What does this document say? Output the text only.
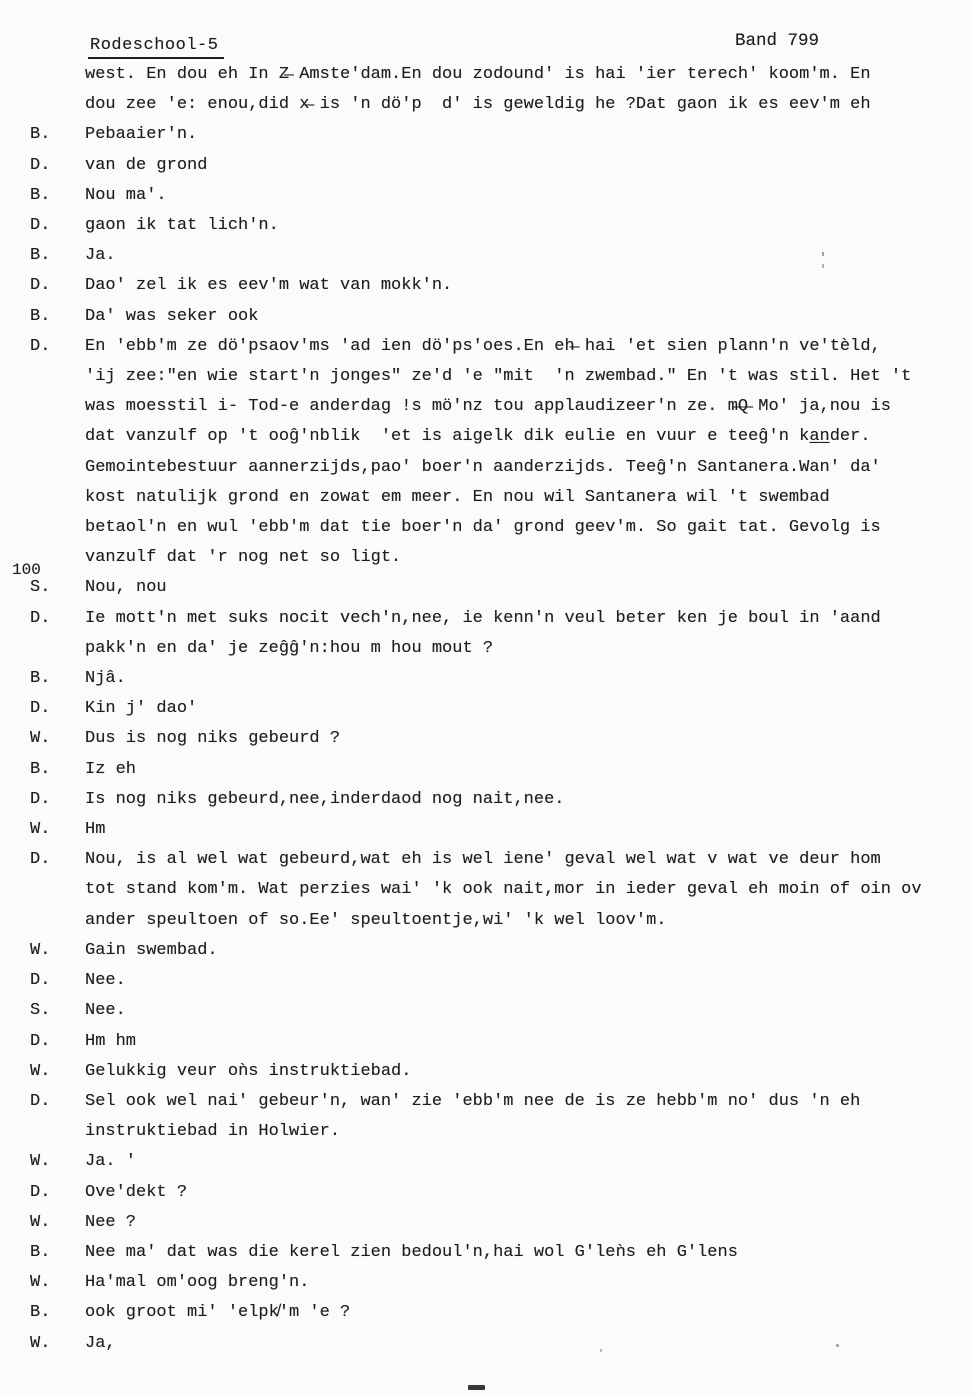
Rodeschool-5	Band 799
100
west. En dou eh In Z̶ Amste'dam.En dou zodound' is hai 'ier terech' koom'm. En
dou zee 'e: enou,did x̶ is 'n dö'p  d' is geweldig he ?Dat gaon ik es eev'm eh
B.	Pebaaier'n.
D.	van de grond
B.	Nou ma'.
D.	gaon ik tat lich'n.
B.	Ja.
D.	Dao' zel ik es eev'm wat van mokk'n.
B.	Da' was seker ook
D.	En 'ebb'm ze dö'psaov'ms 'ad ien dö'ps'oes.En eh̶ hai 'et sien plann'n ve'tèld,
'ij zee:"en wie start'n jonges" ze'd 'e "mit  'n zwembad." En 't was stil. Het 't
was moesstil i- Tod-e anderdag !s mö'nz tou applaudizeer'n ze. m̶Q̶ Mo' ja,nou is
dat vanzulf op 't ooĝ'nblik  'et is aigelk dik eulie en vuur e teeĝ'n ka̲n̲der.
Gemointebestuur aannerzijds,pao' boer'n aanderzijds. Teeĝ'n Santanera.Wan' da'
kost natulijk grond en zowat em meer. En nou wil Santanera wil 't swembad
betaol'n en wul 'ebb'm dat tie boer'n da' grond geev'm. So gait tat. Gevolg is
vanzulf dat 'r nog net so ligt.
S.	Nou, nou
D.	Ie mott'n met suks nocit vech'n,nee, ie kenn'n veul beter ken je boul in 'aand
pakk'n en da' je zeĝĝ'n:hou m hou mout ?
B.	Njâ.
D.	Kin j' dao'
W.	Dus is nog niks gebeurd ?
B.	Iz eh
D.	Is nog niks gebeurd,nee,inderdaod nog nait,nee.
W.	Hm
D.	Nou, is al wel wat gebeurd,wat eh is wel iene' geval wel wat v wat ve deur hom
tot stand kom'm. Wat perzies wai' 'k ook nait,mor in ieder geval eh moin of oin ov
ander speultoen of so.Ee' speultoentje,wi' 'k wel loov'm.
W.	Gain swembad.
D.	Nee.
S.	Nee.
D.	Hm hm
W.	Gelukkig veur oǹs instruktiebad.
D.	Sel ook wel nai' gebeur'n, wan' zie 'ebb'm nee de is ze hebb'm no' dus 'n eh
instruktiebad in Holwier.
W.	Ja. '
D.	Ove'dekt ?
W.	Nee ?
B.	Nee ma' dat was die kerel zien bedoul'n,hai wol G'leǹs eh G'lens
W.	Ha'mal om'oog breng'n.
B.	ook groot mi' 'elpk̸'m 'e ?
W.	Ja,
